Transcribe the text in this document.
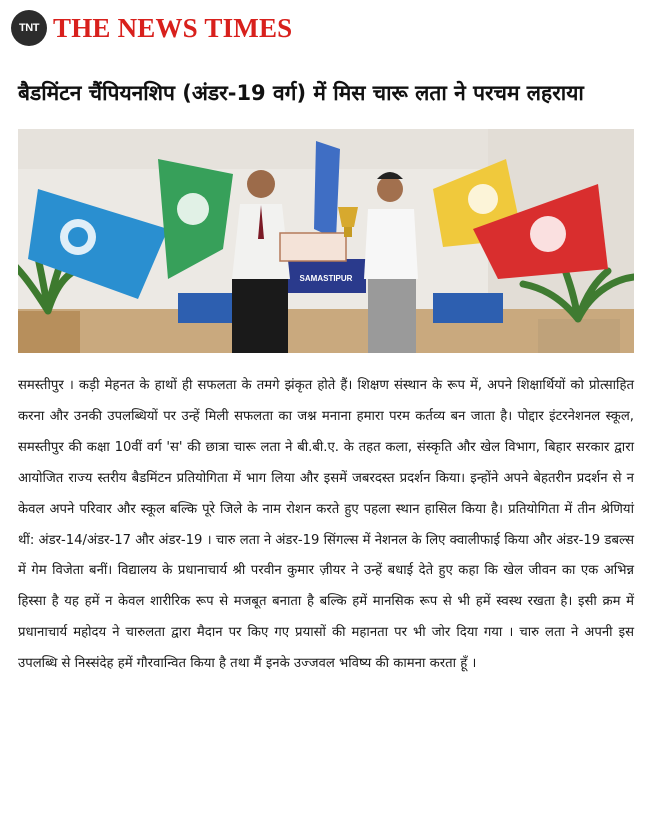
TNT THE NEWS TIMES
बैडमिंटन चैंपियनशिप (अंडर-19 वर्ग) में मिस चारू लता ने परचम लहराया
SAMASTIPUR

समस्तीपुर । कड़ी मेहनत के हाथों ही सफलता के तमगे झंकृत होते हैं। शिक्षण संस्थान के रूप में, अपने शिक्षार्थियों को प्रोत्साहित करना और उनकी उपलब्धियों पर उन्हें मिली सफलता का जश्न मनाना हमारा परम कर्तव्य बन जाता है। पोद्दार इंटरनेशनल स्कूल, समस्तीपुर की कक्षा 10वीं वर्ग 'स' की छात्रा चारू लता ने बी.बी.ए. के तहत कला, संस्कृति और खेल विभाग, बिहार सरकार द्वारा आयोजित राज्य स्तरीय बैडमिंटन प्रतियोगिता में भाग लिया और इसमें जबरदस्त प्रदर्शन किया। इन्होंने अपने बेहतरीन प्रदर्शन से न केवल अपने परिवार और स्कूल बल्कि पूरे जिले के नाम रोशन करते हुए पहला स्थान हासिल किया है। प्रतियोगिता में तीन श्रेणियां थीं: अंडर-14/अंडर-17 और अंडर-19 । चारु लता ने अंडर-19 सिंगल्स में नेशनल के लिए क्वालीफाई किया और अंडर-19 डबल्स में गेम विजेता बनीं। विद्यालय के प्रधानाचार्य श्री परवीन कुमार ज़ीयर ने उन्हें बधाई देते हुए कहा कि खेल जीवन का एक अभिन्न हिस्सा है यह हमें न केवल शारीरिक रूप से मजबूत बनाता है बल्कि हमें मानसिक रूप से भी हमें स्वस्थ रखता है। इसी क्रम में प्रधानाचार्य महोदय ने चारुलता द्वारा मैदान पर किए गए प्रयासों की महानता पर भी जोर दिया गया । चारु लता ने अपनी इस उपलब्धि से निस्संदेह हमें गौरवान्वित किया है तथा मैं इनके उज्जवल भविष्य की कामना करता हूँ ।
